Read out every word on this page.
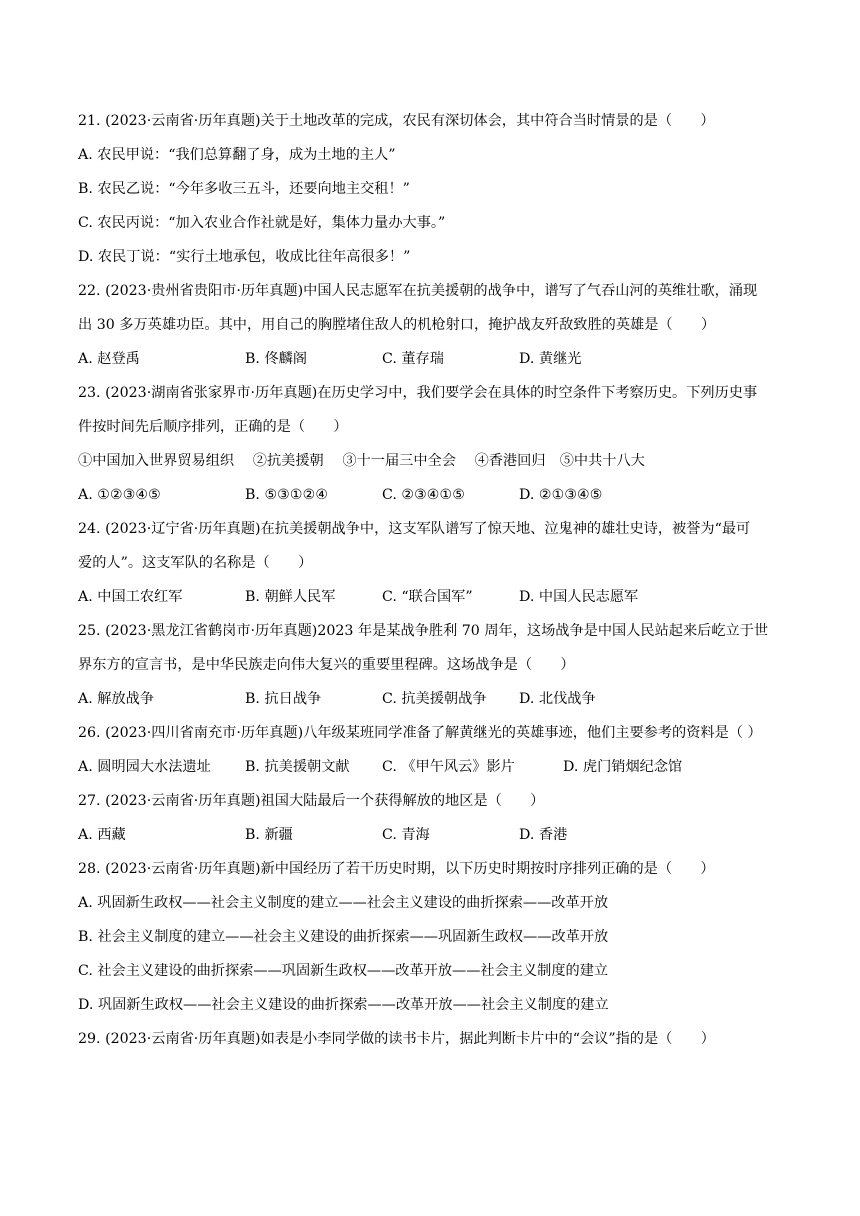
21. (2023·云南省·历年真题)关于土地改革的完成，农民有深切体会，其中符合当时情景的是（　　）
A. 农民甲说：“我们总算翻了身，成为土地的主人”
B. 农民乙说：“今年多收三五斗，还要向地主交租！”
C. 农民丙说：“加入农业合作社就是好，集体力量办大事。”
D. 农民丁说：“实行土地承包，收成比往年高很多！”
22. (2023·贵州省贵阳市·历年真题)中国人民志愿军在抗美援朝的战争中，谱写了气吞山河的英维壮歌，涌现
出 30 多万英雄功臣。其中，用自己的胸膛堵住敌人的机枪射口，掩护战友歼敌致胜的英雄是（　　）
A. 赵登禹	B. 佟麟阁	C. 董存瑞	D. 黄继光
23. (2023·湖南省张家界市·历年真题)在历史学习中，我们要学会在具体的时空条件下考察历史。下列历史事
件按时间先后顺序排列，正确的是（　　）
①中国加入世界贸易组织　 ②抗美援朝　 ③十一届三中全会　 ④香港回归　⑤中共十八大
A. ①②③④⑤	B. ⑤③①②④	C. ②③④①⑤	D. ②①③④⑤
24. (2023·辽宁省·历年真题)在抗美援朝战争中，这支军队谱写了惊天地、泣鬼神的雄壮史诗，被誉为“最可
爱的人”。这支军队的名称是（　　）
A. 中国工农红军	B. 朝鲜人民军	C. “联合国军”	D. 中国人民志愿军
25. (2023·黑龙江省鹤岗市·历年真题)2023 年是某战争胜利 70 周年，这场战争是中国人民站起来后屹立于世
界东方的宣言书，是中华民族走向伟大复兴的重要里程碑。这场战争是（　　）
A. 解放战争	B. 抗日战争	C. 抗美援朝战争 D. 北伐战争
26. (2023·四川省南充市·历年真题)八年级某班同学准备了解黄继光的英雄事迹，他们主要参考的资料是（ ）
A. 圆明园大水法遗址 B. 抗美援朝文献 C. 《甲午风云》影片	D. 虎门销烟纪念馆
27. (2023·云南省·历年真题)祖国大陆最后一个获得解放的地区是（　　）
A. 西藏	B. 新疆	C. 青海	D. 香港
28. (2023·云南省·历年真题)新中国经历了若干历史时期，以下历史时期按时序排列正确的是（　　）
A. 巩固新生政权——社会主义制度的建立——社会主义建设的曲折探索——改革开放
B. 社会主义制度的建立——社会主义建设的曲折探索——巩固新生政权——改革开放
C. 社会主义建设的曲折探索——巩固新生政权——改革开放——社会主义制度的建立
D. 巩固新生政权——社会主义建设的曲折探索——改革开放——社会主义制度的建立
29. (2023·云南省·历年真题)如表是小李同学做的读书卡片，据此判断卡片中的“会议”指的是（　　）
